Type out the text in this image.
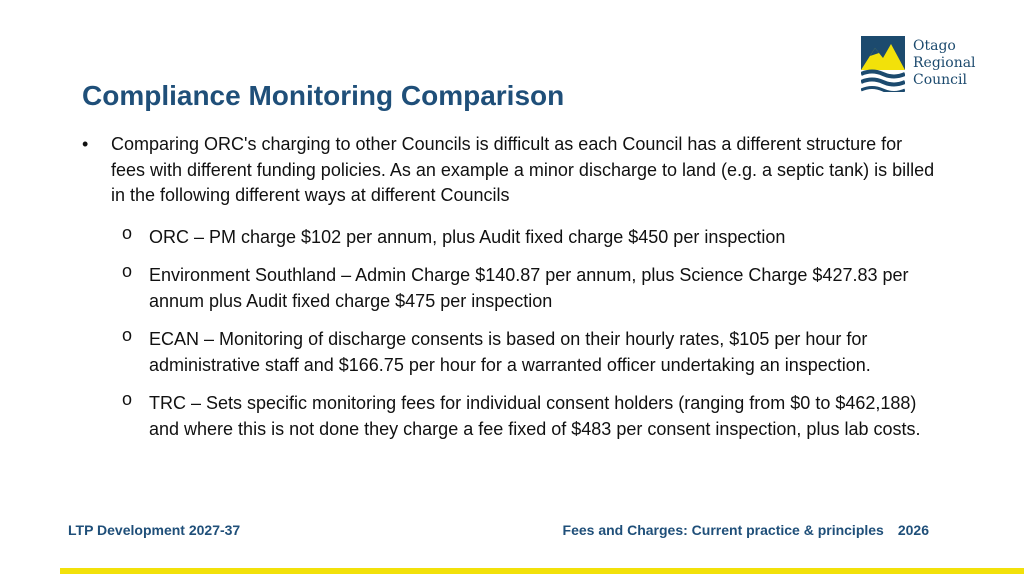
Otago
Regional
Council
Compliance Monitoring Comparison
• Comparing ORC's charging to other Councils is difficult as each Council has a different structure for fees with different funding policies. As an example a minor discharge to land (e.g. a septic tank) is billed in the following different ways at different Councils
o ORC – PM charge $102 per annum, plus Audit fixed charge $450 per inspection
o Environment Southland – Admin Charge $140.87 per annum, plus Science Charge $427.83 per annum plus Audit fixed charge $475 per inspection
o ECAN – Monitoring of discharge consents is based on their hourly rates, $105 per hour for administrative staff and $166.75 per hour for a warranted officer undertaking an inspection.
o TRC – Sets specific monitoring fees for individual consent holders (ranging from $0 to $462,188) and where this is not done they charge a fee fixed of $483 per consent inspection, plus lab costs.
LTP Development 2027-37	Fees and Charges: Current practice & principles 2026
